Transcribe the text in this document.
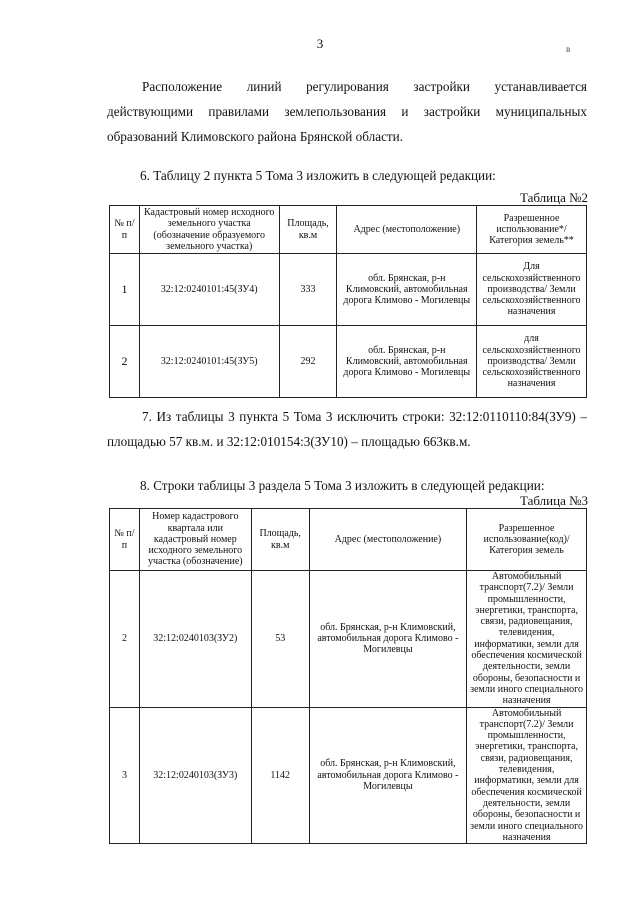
3	в
Расположение линий регулирования застройки устанавливается действующими правилами землепользования и застройки муниципальных образований Климовского района Брянской области.
6. Таблицу 2 пункта 5 Тома 3 изложить в следующей редакции:
Таблица №2
№ п/п	Кадастровый номер исходного земельного участка (обозначение образуемого земельного участка)	Площадь, кв.м	Адрес (местоположение)	Разрешенное использование*/ Категория земель**
1	32:12:0240101:45(ЗУ4)	333	обл. Брянская, р-н Климовский, автомобильная дорога Климово - Могилевцы	Для сельскохозяйственного производства/ Земли сельскохозяйственного назначения
2	32:12:0240101:45(ЗУ5)	292	обл. Брянская, р-н Климовский, автомобильная дорога Климово - Могилевцы	для сельскохозяйственного производства/ Земли сельскохозяйственного назначения
7. Из таблицы 3 пункта 5 Тома 3 исключить строки: 32:12:0110110:84(ЗУ9) – площадью 57 кв.м. и 32:12:010154:3(ЗУ10) – площадью 663кв.м.
8. Строки таблицы 3 раздела 5 Тома 3 изложить в следующей редакции:
Таблица №3
№ п/п	Номер кадастрового квартала или кадастровый номер исходного земельного участка (обозначение)	Площадь, кв.м	Адрес (местоположение)	Разрешенное использование(код)/ Категория земель
2	32:12:0240103(ЗУ2)	53	обл. Брянская, р-н Климовский, автомобильная дорога Климово - Могилевцы	Автомобильный транспорт(7.2)/ Земли промышленности, энергетики, транспорта, связи, радиовещания, телевидения, информатики, земли для обеспечения космической деятельности, земли обороны, безопасности и земли иного специального назначения
3	32:12:0240103(ЗУ3)	1142	обл. Брянская, р-н Климовский, автомобильная дорога Климово - Могилевцы	Автомобильный транспорт(7.2)/ Земли промышленности, энергетики, транспорта, связи, радиовещания, телевидения, информатики, земли для обеспечения космической деятельности, земли обороны, безопасности и земли иного специального назначения
